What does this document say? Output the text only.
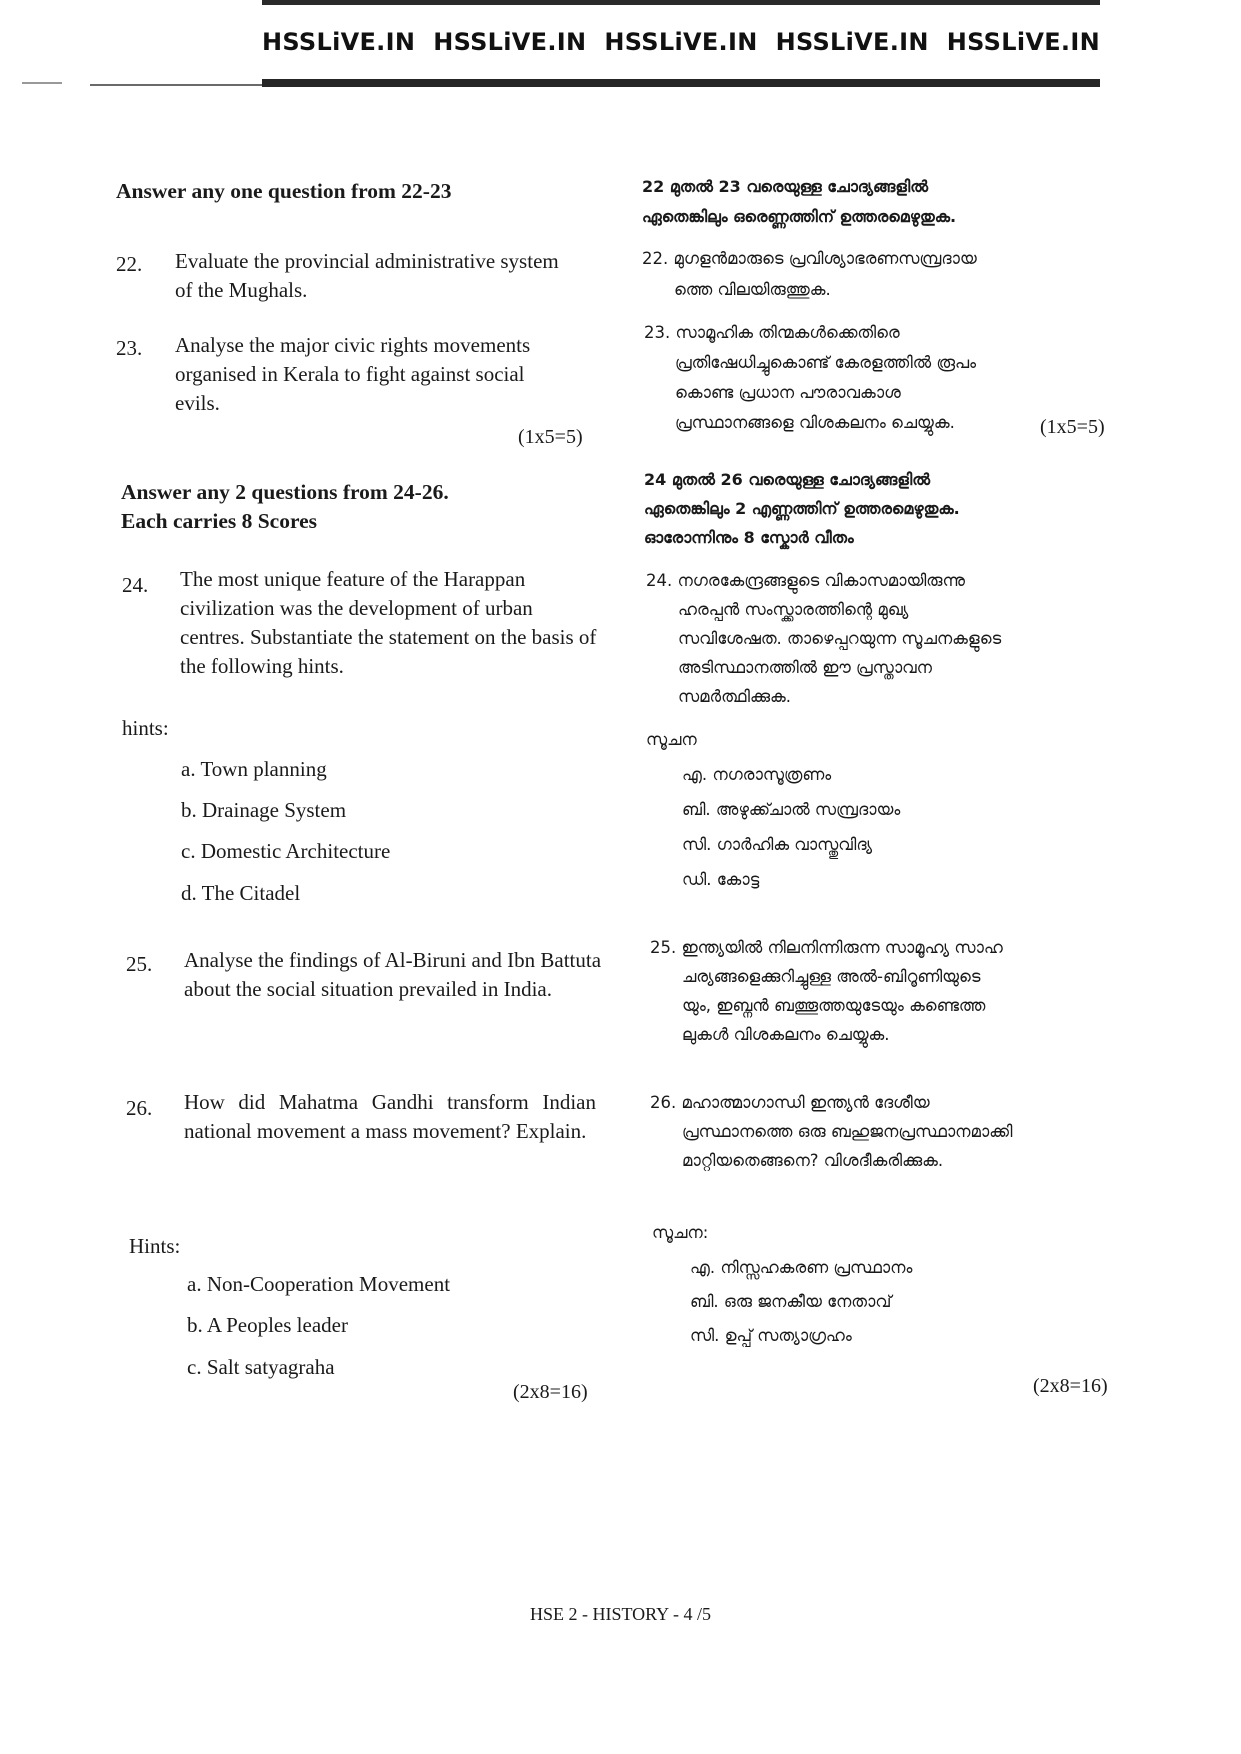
HSSLiVE.IN HSSLiVE.IN HSSLiVE.IN HSSLiVE.IN HSSLiVE.IN
Answer any one question from 22-23
22. Evaluate the provincial administrative system of the Mughals.
23. Analyse the major civic rights movements organised in Kerala to fight against social evils.
(1x5=5)
Answer any 2 questions from 24-26.
Each carries 8 Scores
24. The most unique feature of the Harappan civilization was the development of urban centres. Substantiate the statement on the basis of the following hints.
hints:
a. Town planning
b. Drainage System
c. Domestic Architecture
d. The Citadel
25. Analyse the findings of Al-Biruni and Ibn Battuta about the social situation prevailed in India.
26. How did Mahatma Gandhi transform Indian national movement a mass movement? Explain.
Hints:
a. Non-Cooperation Movement
b. A Peoples leader
c. Salt satyagraha
(2x8=16)
22 മുതൽ 23 വരെയുള്ള ചോദ്യങ്ങളിൽ
ഏതെങ്കിലും ഒരെണ്ണത്തിന് ഉത്തരമെഴുതുക.
22. മുഗളൻമാരുടെ പ്രവിശ്യാഭരണസമ്പ്രദായ
ത്തെ വിലയിരുത്തുക.
23. സാമൂഹിക തിന്മകൾക്കെതിരെ
പ്രതിഷേധിച്ചുകൊണ്ട് കേരളത്തിൽ രൂപം
കൊണ്ട പ്രധാന പൗരാവകാശ
പ്രസ്ഥാനങ്ങളെ വിശകലനം ചെയ്യുക.	(1x5=5)
24 മുതൽ 26 വരെയുള്ള ചോദ്യങ്ങളിൽ
ഏതെങ്കിലും 2 എണ്ണത്തിന് ഉത്തരമെഴുതുക.
ഓരോന്നിനും 8 സ്കോർ വീതം
24. നഗരകേന്ദ്രങ്ങളുടെ വികാസമായിരുന്നു
ഹരപ്പൻ സംസ്ക്കാരത്തിന്റെ മുഖ്യ
സവിശേഷത. താഴെപ്പറയുന്ന സൂചനകളുടെ
അടിസ്ഥാനത്തിൽ ഈ പ്രസ്താവന
സമർത്ഥിക്കുക.
സൂചന
എ. നഗരാസൂത്രണം
ബി. അഴുക്ക്ചാൽ സമ്പ്രദായം
സി. ഗാർഹിക വാസ്തുവിദ്യ
ഡി. കോട്ട
25. ഇന്ത്യയിൽ നിലനിന്നിരുന്ന സാമൂഹ്യ സാഹ
ചര്യങ്ങളെക്കുറിച്ചുള്ള അൽ-ബിറൂണിയുടെ
യും, ഇബ്നൻ ബത്തൂത്തയുടേയും കണ്ടെത്ത
ലുകൾ വിശകലനം ചെയ്യുക.
26. മഹാത്മാഗാന്ധി ഇന്ത്യൻ ദേശീയ
പ്രസ്ഥാനത്തെ ഒരു ബഹുജനപ്രസ്ഥാനമാക്കി
മാറ്റിയതെങ്ങനെ? വിശദീകരിക്കുക.
സൂചന:
എ. നിസ്സഹകരണ പ്രസ്ഥാനം
ബി. ഒരു ജനകീയ നേതാവ്
സി. ഉപ്പ് സത്യാഗ്രഹം
(2x8=16)
HSE 2 - HISTORY - 4 /5
